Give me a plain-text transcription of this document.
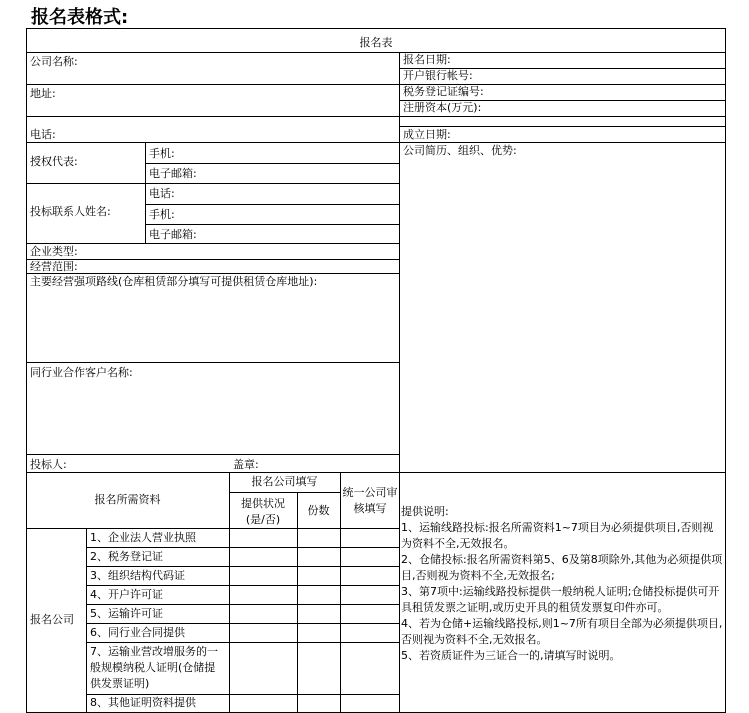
报名表格式:
报名表
公司名称:
地址:
电话:
授权代表:
手机:
电子邮箱:
投标联系人姓名:
电话:
手机:
电子邮箱:
企业类型:
经营范围:
主要经营强项路线(仓库租赁部分填写可提供租赁仓库地址):
同行业合作客户名称:
投标人:	盖章:
报名日期:
开户银行帐号:
税务登记证编号:
注册资本(万元):
成立日期:
公司简历、组织、优势:
报名所需资料
报名公司填写
提供状况(是/否)
份数
统一公司审核填写
报名公司
1、企业法人营业执照
2、税务登记证
3、组织结构代码证
4、开户许可证
5、运输许可证
6、同行业合同提供
7、运输业营改增服务的一般规模纳税人证明(仓储提供发票证明)
8、其他证明资料提供
提供说明:
1、运输线路投标:报名所需资料1~7项目为必须提供项目,否则视为资料不全,无效报名。
2、仓储投标:报名所需资料第5、6及第8项除外,其他为必须提供项目,否则视为资料不全,无效报名;
3、第7项中:运输线路投标提供一般纳税人证明;仓储投标提供可开具租赁发票之证明,或历史开具的租赁发票复印件亦可。
4、若为仓储+运输线路投标,则1~7所有项目全部为必须提供项目,否则视为资料不全,无效报名。
5、若资质证件为三证合一的,请填写时说明。
